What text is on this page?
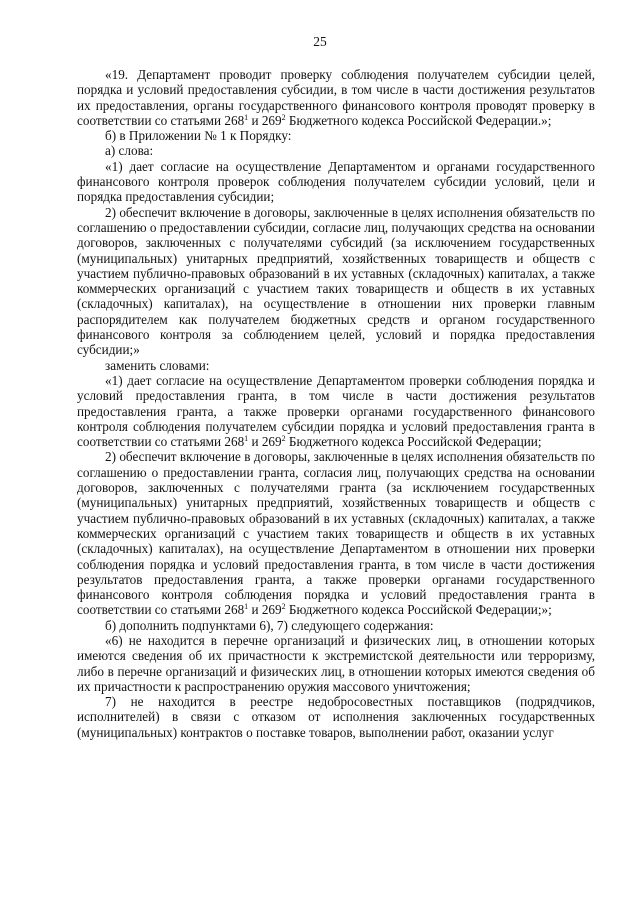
25

«19. Департамент проводит проверку соблюдения получателем субсидии целей, порядка и условий предоставления субсидии, в том числе в части достижения результатов их предоставления, органы государственного финансового контроля проводят проверку в соответствии со статьями $268^1$ и $269^2$ Бюджетного кодекса Российской Федерации.»;

б) в Приложении № 1 к Порядку:

а) слова:

«1) дает согласие на осуществление Департаментом и органами государственного финансового контроля проверок соблюдения получателем субсидии условий, цели и порядка предоставления субсидии;

2) обеспечит включение в договоры, заключенные в целях исполнения обязательств по соглашению о предоставлении субсидии, согласие лиц, получающих средства на основании договоров, заключенных с получателями субсидий (за исключением государственных (муниципальных) унитарных предприятий, хозяйственных товариществ и обществ с участием публично-правовых образований в их уставных (складочных) капиталах, а также коммерческих организаций с участием таких товариществ и обществ в их уставных (складочных) капиталах), на осуществление в отношении них проверки главным распорядителем как получателем бюджетных средств и органом государственного финансового контроля за соблюдением целей, условий и порядка предоставления субсидии;»

заменить словами:

«1) дает согласие на осуществление Департаментом проверки соблюдения порядка и условий предоставления гранта, в том числе в части достижения результатов предоставления гранта, а также проверки органами государственного финансового контроля соблюдения получателем субсидии порядка и условий предоставления гранта в соответствии со статьями $268^1$ и $269^2$ Бюджетного кодекса Российской Федерации;

2) обеспечит включение в договоры, заключенные в целях исполнения обязательств по соглашению о предоставлении гранта, согласия лиц, получающих средства на основании договоров, заключенных с получателями гранта (за исключением государственных (муниципальных) унитарных предприятий, хозяйственных товариществ и обществ с участием публично-правовых образований в их уставных (складочных) капиталах, а также коммерческих организаций с участием таких товариществ и обществ в их уставных (складочных) капиталах), на осуществление Департаментом в отношении них проверки соблюдения порядка и условий предоставления гранта, в том числе в части достижения результатов предоставления гранта, а также проверки органами государственного финансового контроля соблюдения порядка и условий предоставления гранта в соответствии со статьями $268^1$ и $269^2$ Бюджетного кодекса Российской Федерации;»;

б) дополнить подпунктами 6), 7) следующего содержания:

«6) не находится в перечне организаций и физических лиц, в отношении которых имеются сведения об их причастности к экстремистской деятельности или терроризму, либо в перечне организаций и физических лиц, в отношении которых имеются сведения об их причастности к распространению оружия массового уничтожения;

7) не находится в реестре недобросовестных поставщиков (подрядчиков, исполнителей) в связи с отказом от исполнения заключенных государственных (муниципальных) контрактов о поставке товаров, выполнении работ, оказании услуг
